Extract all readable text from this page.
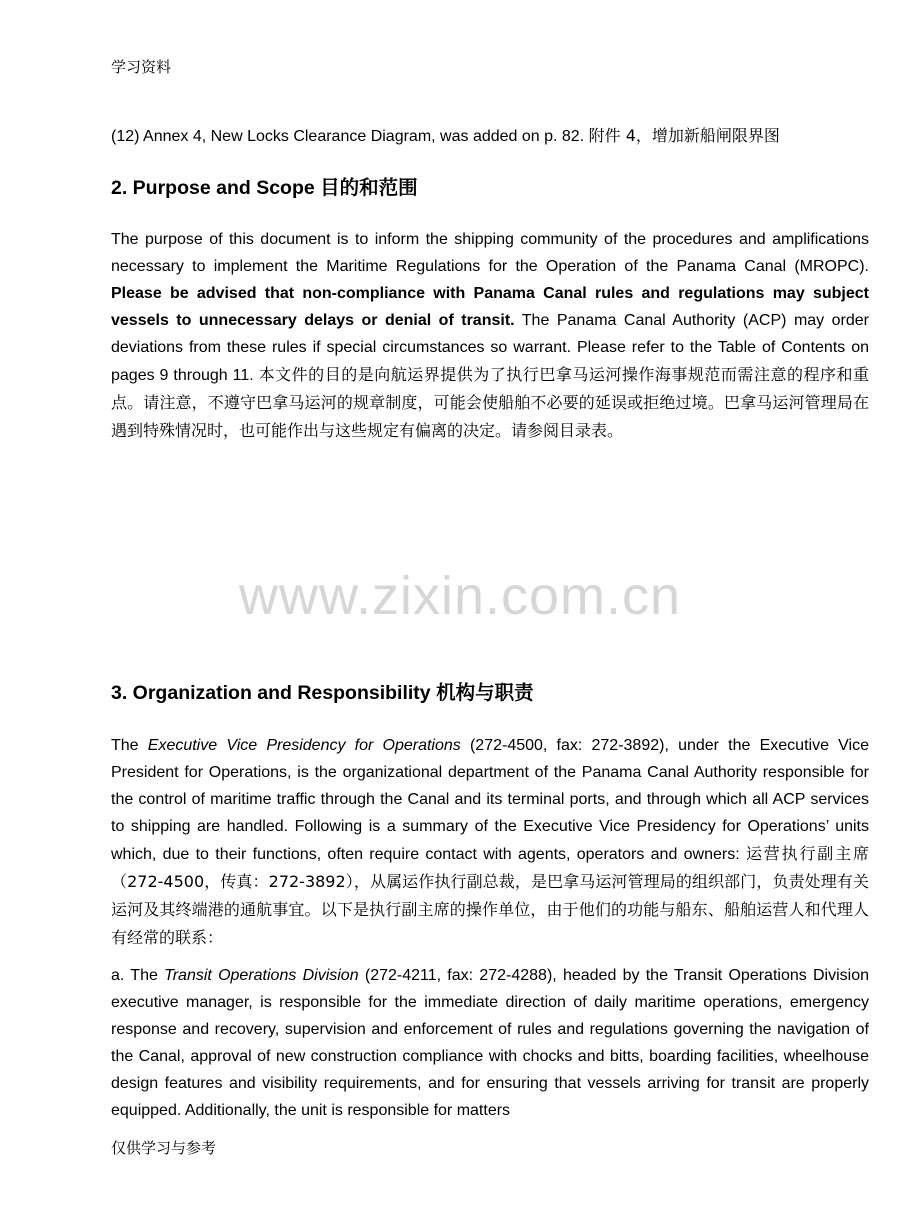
学习资料
(12) Annex 4, New Locks Clearance Diagram, was added on p. 82. 附件 4，增加新船闸限界图
2. Purpose and Scope 目的和范围
The purpose of this document is to inform the shipping community of the procedures and amplifications necessary to implement the Maritime Regulations for the Operation of the Panama Canal (MROPC). Please be advised that non-compliance with Panama Canal rules and regulations may subject vessels to unnecessary delays or denial of transit. The Panama Canal Authority (ACP) may order deviations from these rules if special circumstances so warrant. Please refer to the Table of Contents on pages 9 through 11. 本文件的目的是向航运界提供为了执行巴拿马运河操作海事规范而需注意的程序和重点。请注意，不遵守巴拿马运河的规章制度，可能会使船舶不必要的延误或拒绝过境。巴拿马运河管理局在遇到特殊情况时，也可能作出与这些规定有偏离的决定。请参阅目录表。
www.zixin.com.cn
3. Organization and Responsibility 机构与职责
The Executive Vice Presidency for Operations (272-4500, fax: 272-3892), under the Executive Vice President for Operations, is the organizational department of the Panama Canal Authority responsible for the control of maritime traffic through the Canal and its terminal ports, and through which all ACP services to shipping are handled. Following is a summary of the Executive Vice Presidency for Operations’ units which, due to their functions, often require contact with agents, operators and owners: 运营执行副主席（272-4500，传真：272-3892），从属运作执行副总裁，是巴拿马运河管理局的组织部门，负责处理有关运河及其终端港的通航事宜。以下是执行副主席的操作单位，由于他们的功能与船东、船舶运营人和代理人有经常的联系：
a. The Transit Operations Division (272-4211, fax: 272-4288), headed by the Transit Operations Division executive manager, is responsible for the immediate direction of daily maritime operations, emergency response and recovery, supervision and enforcement of rules and regulations governing the navigation of the Canal, approval of new construction compliance with chocks and bitts, boarding facilities, wheelhouse design features and visibility requirements, and for ensuring that vessels arriving for transit are properly equipped. Additionally, the unit is responsible for matters
仅供学习与参考
